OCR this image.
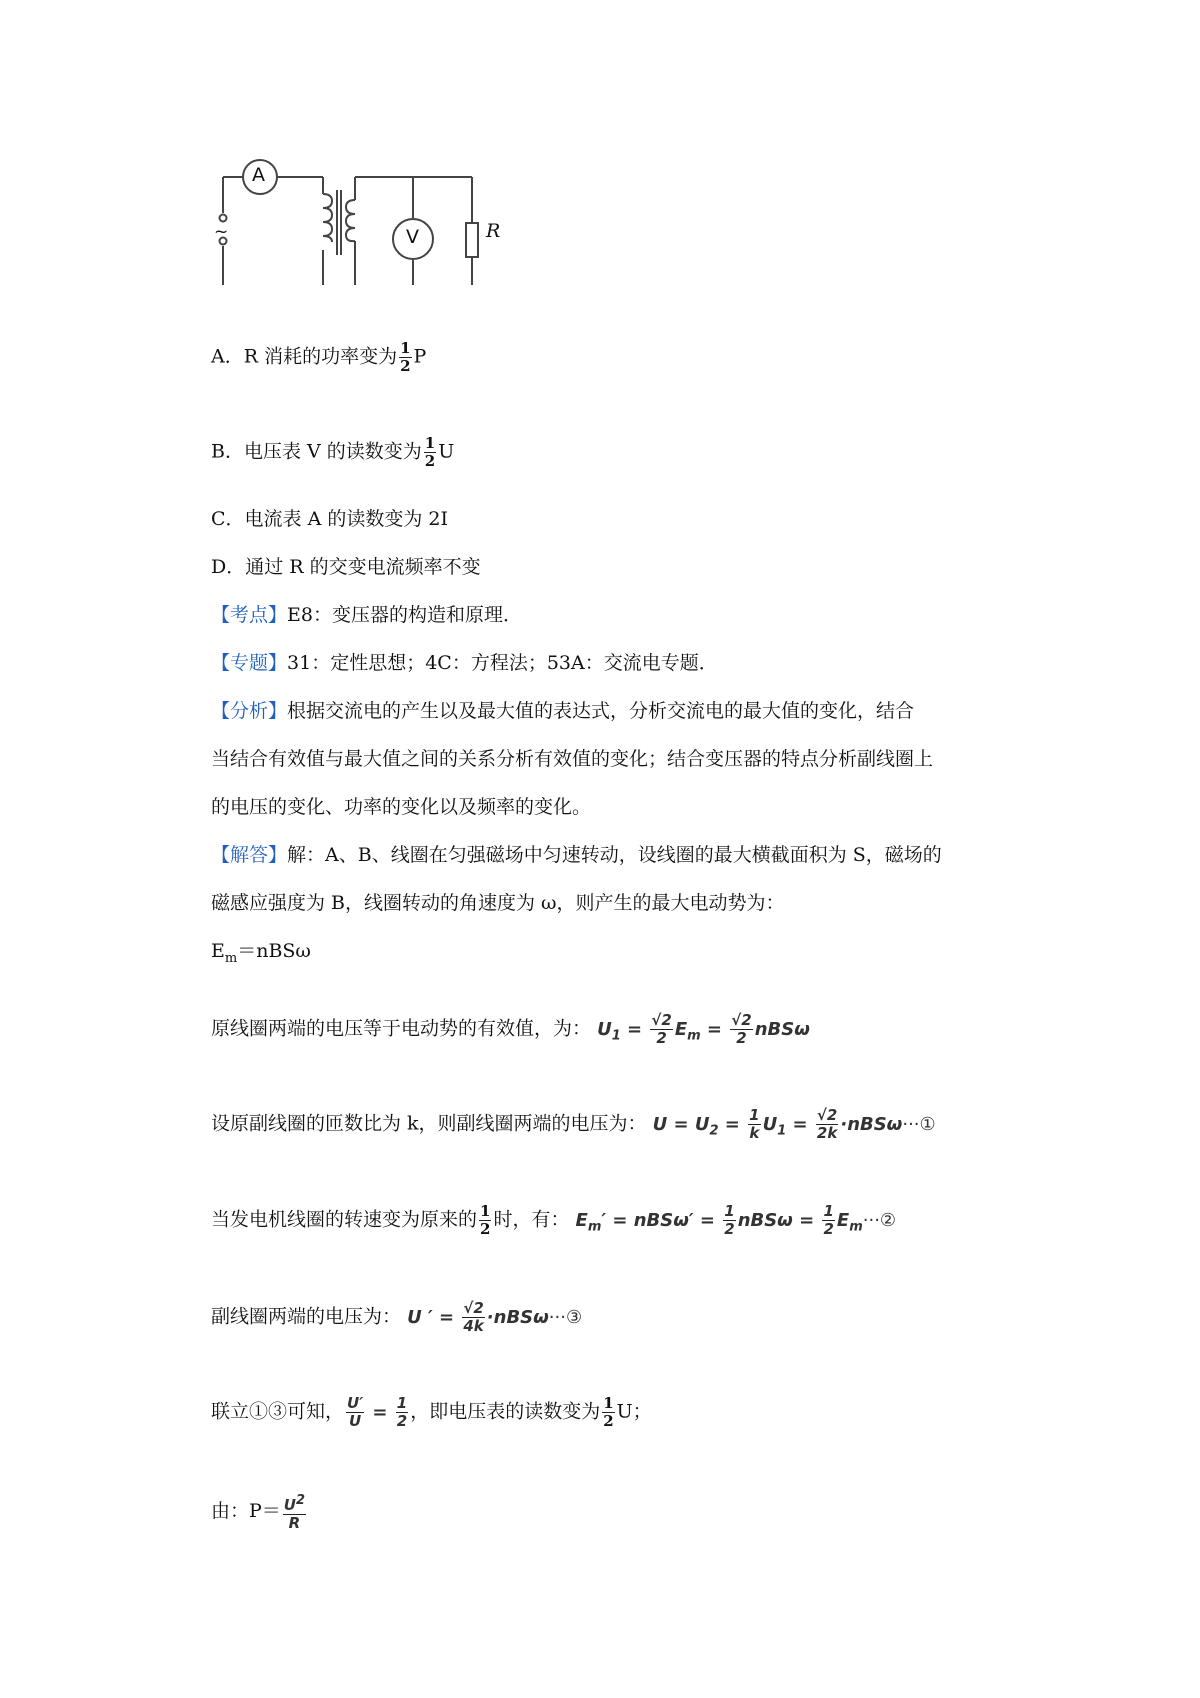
A
V	R
~
A．R 消耗的功率变为 $\frac{1}{2}$ P
B．电压表 V 的读数变为 $\frac{1}{2}$ U
C．电流表 A 的读数变为 2I
D．通过 R 的交变电流频率不变
【考点】E8：变压器的构造和原理．
【专题】31：定性思想；4C：方程法；53A：交流电专题．
【分析】根据交流电的产生以及最大值的表达式，分析交流电的最大值的变化，结合
当结合有效值与最大值之间的关系分析有效值的变化；结合变压器的特点分析副线圈上
的电压的变化、功率的变化以及频率的变化。
【解答】解：A、B、线圈在匀强磁场中匀速转动，设线圈的最大横截面积为 S，磁场的
磁感应强度为 B，线圈转动的角速度为 ω，则产生的最大电动势为：
$E_m=nBS\omega$
原线圈两端的电压等于电动势的有效值，为： $U_1 = \frac{√2}{2} E_m = \frac{√2}{2}$ nBSω
设原副线圈的匝数比为 k，则副线圈两端的电压为： $U = U_2 = \frac{1}{k} U_1 = \frac{√2}{2k}$ ·nBSω···①
当发电机线圈的转速变为原来的 $\frac{1}{2}$ 时，有： $E_m' = nBS\omega' = \frac{1}{2}$ $nBS\omega = \frac{1}{2}$ $E_m\cdot\cdot\cdot ②$
副线圈两端的电压为： U ′ = $\frac{√2}{4k}$ ·nBSω···③
联立①③可知， $\frac{U'}{U} = \frac{1}{2}$ ，即电压表的读数变为 $\frac{1}{2}$ U；
由：$P= \frac{U^2}{R}$
